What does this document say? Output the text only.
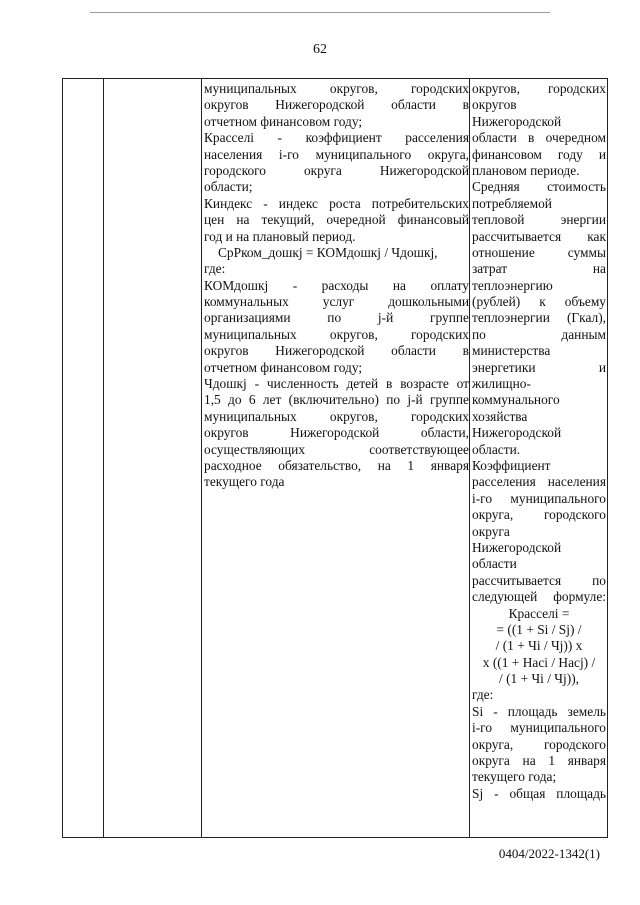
62
муниципальных округов, городских
округов Нижегородской области в
отчетном финансовом году;
Красселі - коэффициент расселения
населения i-го муниципального округа,
городского округа Нижегородской
области;
Киндекс - индекс роста потребительских
цен на текущий, очередной финансовый
год и на плановый период.
СрРком_дошкj = КОМдошкj / Чдошкj,
где:
КОМдошкj - расходы на оплату
коммунальных услуг дошкольными
организациями по j-й группе
муниципальных округов, городских
округов Нижегородской области в
отчетном финансовом году;
Чдошкj - численность детей в возрасте от
1,5 до 6 лет (включительно) по j-й группе
муниципальных округов, городских
округов Нижегородской области,
осуществляющих соответствующее
расходное обязательство, на 1 января
текущего года
округов, городских
округов
Нижегородской
области в очередном
финансовом году и
плановом периоде.
Средняя стоимость
потребляемой
тепловой энергии
рассчитывается как
отношение суммы
затрат на
теплоэнергию
(рублей) к объему
теплоэнергии (Гкал),
по данным
министерства
энергетики и
жилищно-
коммунального
хозяйства
Нижегородской
области.
Коэффициент
расселения населения
i-го муниципального
округа, городского
округа
Нижегородской
области
рассчитывается по
следующей формуле:
Красселі =
= ((1 + Si / Sj) /
/ (1 + Чi / Чj)) x
x ((1 + Насі / Hacj) /
/ (1 + Чi / Чj)),
где:
Si - площадь земель
i-го муниципального
округа, городского
округа на 1 января
текущего года;
Sj - общая площадь
0404/2022-1342(1)
